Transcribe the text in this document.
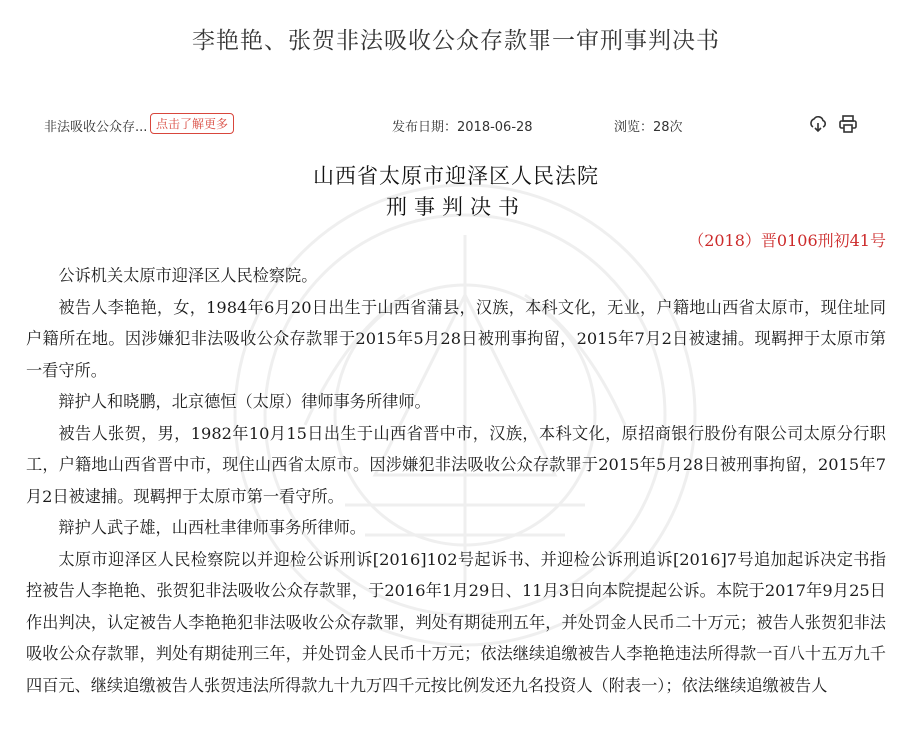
李艳艳、张贺非法吸收公众存款罪一审刑事判决书
非法吸收公众存... 点击了解更多	发布日期：2018-06-28	浏览：28次
山西省太原市迎泽区人民法院
刑事判决书
（2018）晋0106刑初41号

公诉机关太原市迎泽区人民检察院。

被告人李艳艳，女，1984年6月20日出生于山西省蒲县，汉族，本科文化，无业，户籍地山西省太原市，现住址同户籍所在地。因涉嫌犯非法吸收公众存款罪于2015年5月28日被刑事拘留，2015年7月2日被逮捕。现羁押于太原市第一看守所。

辩护人和晓鹏，北京德恒（太原）律师事务所律师。

被告人张贺，男，1982年10月15日出生于山西省晋中市，汉族，本科文化，原招商银行股份有限公司太原分行职工，户籍地山西省晋中市，现住山西省太原市。因涉嫌犯非法吸收公众存款罪于2015年5月28日被刑事拘留，2015年7月2日被逮捕。现羁押于太原市第一看守所。

辩护人武子雄，山西杜聿律师事务所律师。

太原市迎泽区人民检察院以并迎检公诉刑诉[2016]102号起诉书、并迎检公诉刑追诉[2016]7号追加起诉决定书指控被告人李艳艳、张贺犯非法吸收公众存款罪，于2016年1月29日、11月3日向本院提起公诉。本院于2017年9月25日作出判决，认定被告人李艳艳犯非法吸收公众存款罪，判处有期徒刑五年，并处罚金人民币二十万元；被告人张贺犯非法吸收公众存款罪，判处有期徒刑三年，并处罚金人民币十万元；依法继续追缴被告人李艳艳违法所得款一百八十五万九千四百元、继续追缴被告人张贺违法所得款九十九万四千元按比例发还九名投资人（附表一）；依法继续追缴被告人
